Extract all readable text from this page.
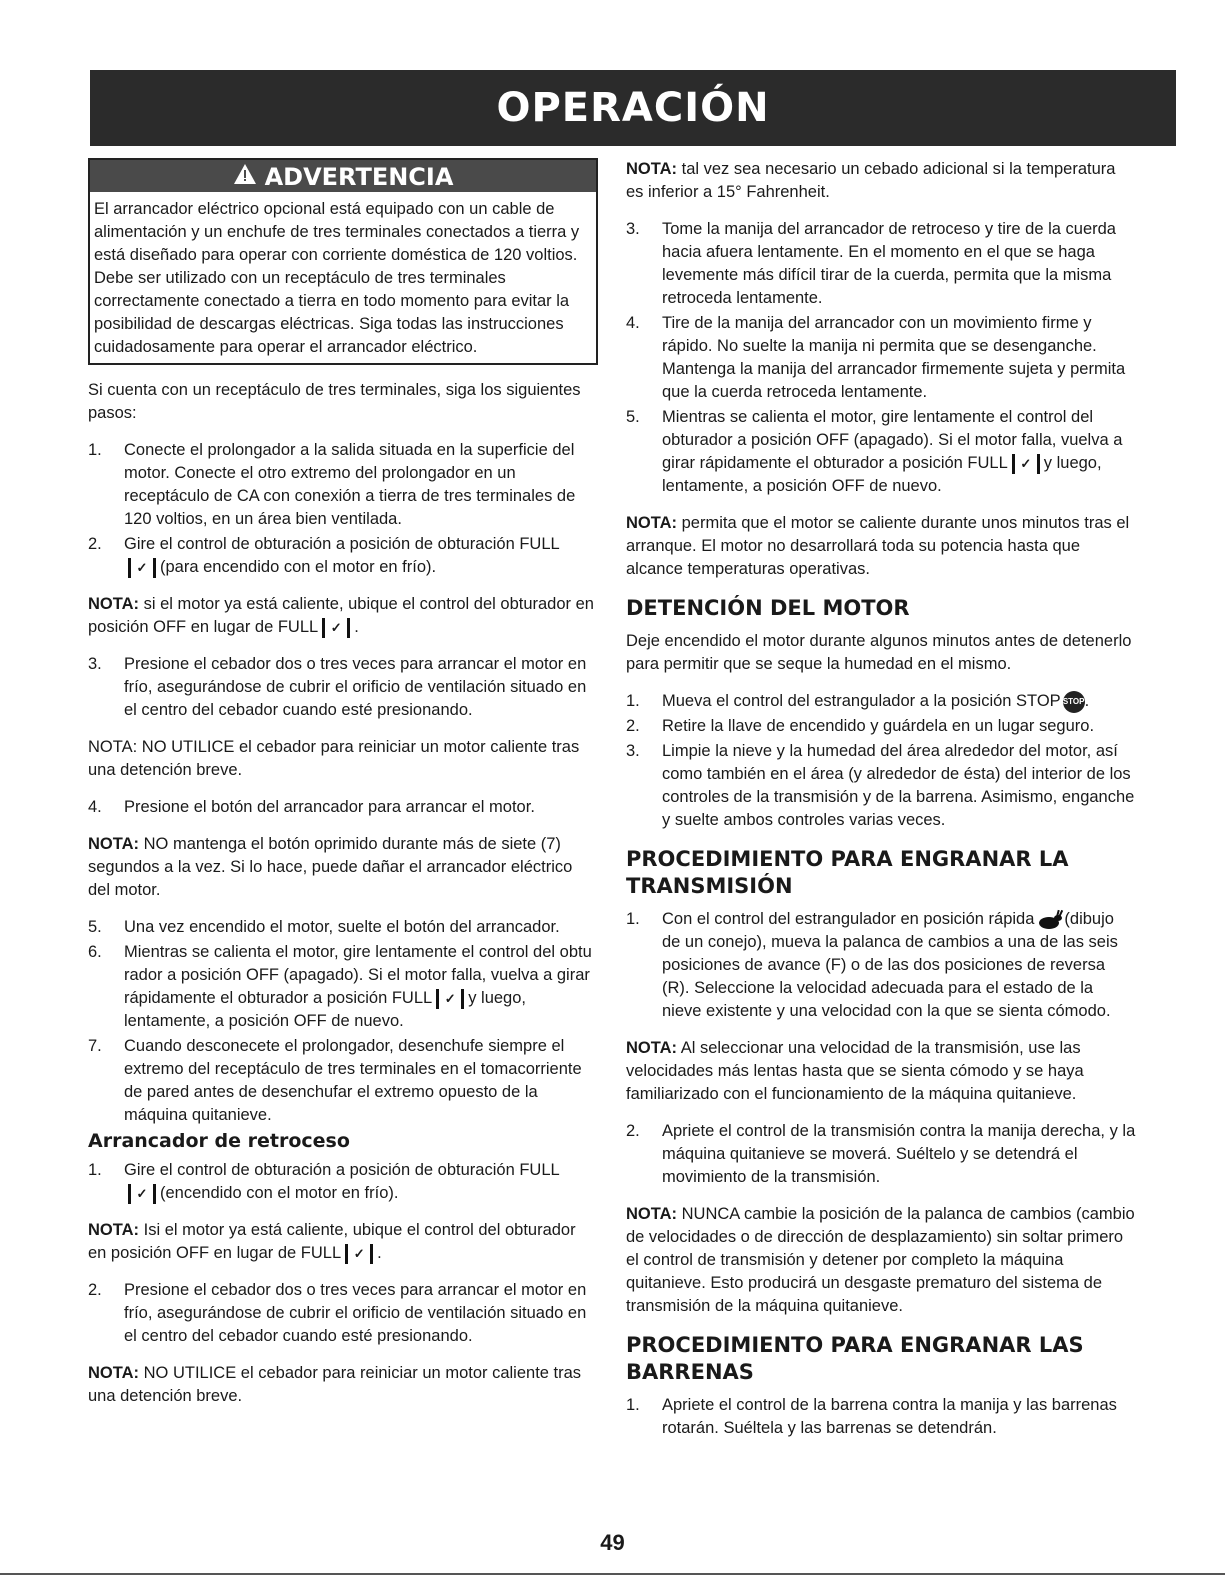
OPERACIÓN
ADVERTENCIA
El arrancador eléctrico opcional está equipado con un cable de alimentación y un enchufe de tres terminales conectados a tierra y está diseñado para operar con corriente doméstica de 120 voltios. Debe ser utilizado con un receptáculo de tres terminales correctamente conectado a tierra en todo momento para evitar la posibilidad de descargas eléctricas. Siga todas las instrucciones cuidadosamente para operar el arrancador eléctrico.

Si cuenta con un receptáculo de tres terminales, siga los siguientes pasos:

1. Conecte el prolongador a la salida situada en la superficie del motor. Conecte el otro extremo del prolongador en un receptáculo de CA con conexión a tierra de tres terminales de 120 voltios, en un área bien ventilada.
2. Gire el control de obturación a posición de obturación FULL
✓ (para encendido con el motor en frío).

NOTA: si el motor ya está caliente, ubique el control del obturador en posición OFF en lugar de FULL ✓ .

3. Presione el cebador dos o tres veces para arrancar el motor en frío, asegurándose de cubrir el orificio de ventilación situado en el centro del cebador cuando esté presionando.

NOTA: NO UTILICE el cebador para reiniciar un motor caliente tras una detención breve.

4. Presione el botón del arrancador para arrancar el motor.

NOTA: NO mantenga el botón oprimido durante más de siete (7) segundos a la vez. Si lo hace, puede dañar el arrancador eléctrico del motor.

5. Una vez encendido el motor, suelte el botón del arrancador.
6. Mientras se calienta el motor, gire lentamente el control del obtu rador a posición OFF (apagado). Si el motor falla, vuelva a girar rápidamente el obturador a posición FULL ✓ y luego, lentamente, a posición OFF de nuevo.
7. Cuando desconecete el prolongador, desenchufe siempre el extremo del receptáculo de tres terminales en el tomacorriente de pared antes de desenchufar el extremo opuesto de la máquina quitanieve.
Arrancador de retroceso
1. Gire el control de obturación a posición de obturación FULL
✓ (encendido con el motor en frío).

NOTA: Isi el motor ya está caliente, ubique el control del obturador en posición OFF en lugar de FULL ✓ .

2. Presione el cebador dos o tres veces para arrancar el motor en frío, asegurándose de cubrir el orificio de ventilación situado en el centro del cebador cuando esté presionando.

NOTA: NO UTILICE el cebador para reiniciar un motor caliente tras una detención breve.

NOTA: tal vez sea necesario un cebado adicional si la temperatura es inferior a 15° Fahrenheit.

3. Tome la manija del arrancador de retroceso y tire de la cuerda hacia afuera lentamente. En el momento en el que se haga levemente más difícil tirar de la cuerda, permita que la misma retroceda lentamente.
4. Tire de la manija del arrancador con un movimiento firme y rápido. No suelte la manija ni permita que se desenganche. Mantenga la manija del arrancador firmemente sujeta y permita que la cuerda retroceda lentamente.
5. Mientras se calienta el motor, gire lentamente el control del obturador a posición OFF (apagado). Si el motor falla, vuelva a girar rápidamente el obturador a posición FULL ✓ y luego, lentamente, a posición OFF de nuevo.

NOTA: permita que el motor se caliente durante unos minutos tras el arranque. El motor no desarrollará toda su potencia hasta que alcance temperaturas operativas.

DETENCIÓN DEL MOTOR

Deje encendido el motor durante algunos minutos antes de detenerlo para permitir que se seque la humedad en el mismo.

1. Mueva el control del estrangulador a la posición STOP STOP.
2. Retire la llave de encendido y guárdela en un lugar seguro.
3. Limpie la nieve y la humedad del área alrededor del motor, así como también en el área (y alrededor de ésta) del interior de los controles de la transmisión y de la barrena. Asimismo, enganche y suelte ambos controles varias veces.
PROCEDIMIENTO PARA ENGRANAR LA TRANSMISIÓN
1. Con el control del estrangulador en posición rápida (dibujo de un conejo), mueva la palanca de cambios a una de las seis posiciones de avance (F) o de las dos posiciones de reversa (R). Seleccione la velocidad adecuada para el estado de la nieve existente y una velocidad con la que se sienta cómodo.

NOTA: Al seleccionar una velocidad de la transmisión, use las velocidades más lentas hasta que se sienta cómodo y se haya familiarizado con el funcionamiento de la máquina quitanieve.

2. Apriete el control de la transmisión contra la manija derecha, y la máquina quitanieve se moverá. Suéltelo y se detendrá el movimiento de la transmisión.

NOTA: NUNCA cambie la posición de la palanca de cambios (cambio de velocidades o de dirección de desplazamiento) sin soltar primero el control de transmisión y detener por completo la máquina quitanieve. Esto producirá un desgaste prematuro del sistema de transmisión de la máquina quitanieve.

PROCEDIMIENTO PARA ENGRANAR LAS BARRENAS
1. Apriete el control de la barrena contra la manija y las barrenas rotarán. Suéltela y las barrenas se detendrán.
49
